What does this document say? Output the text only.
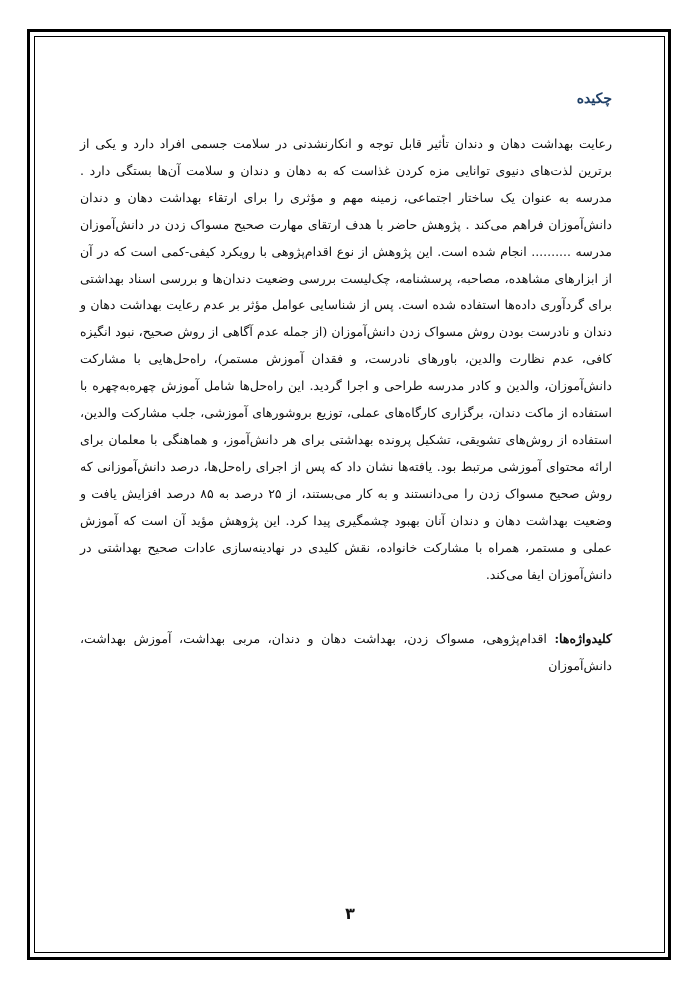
چکیده

رعایت بهداشت دهان و دندان تأثیر قابل توجه و انکارنشدنی در سلامت جسمی افراد دارد و یکی از برترین لذت‌های دنیوی توانایی مزه کردن غذاست که به دهان و دندان و سلامت آن‌ها بستگی دارد . مدرسه به عنوان یک ساختار اجتماعی، زمینه مهم و مؤثری را برای ارتقاء بهداشت دهان و دندان دانش‌آموزان فراهم می‌کند . پژوهش حاضر با هدف ارتقای مهارت صحیح مسواک زدن در دانش‌آموزان مدرسه .......... انجام شده است. این پژوهش از نوع اقدام‌پژوهی با رویکرد کیفی-کمی است که در آن از ابزارهای مشاهده، مصاحبه، پرسشنامه، چک‌لیست بررسی وضعیت دندان‌ها و بررسی اسناد بهداشتی برای گردآوری داده‌ها استفاده شده است. پس از شناسایی عوامل مؤثر بر عدم رعایت بهداشت دهان و دندان و نادرست بودن روش مسواک زدن دانش‌آموزان (از جمله عدم آگاهی از روش صحیح، نبود انگیزه کافی، عدم نظارت والدین، باورهای نادرست، و فقدان آموزش مستمر)، راه‌حل‌هایی با مشارکت دانش‌آموزان، والدین و کادر مدرسه طراحی و اجرا گردید. این راه‌حل‌ها شامل آموزش چهره‌به‌چهره با استفاده از ماکت دندان، برگزاری کارگاه‌های عملی، توزیع بروشورهای آموزشی، جلب مشارکت والدین، استفاده از روش‌های تشویقی، تشکیل پرونده بهداشتی برای هر دانش‌آموز، و هماهنگی با معلمان برای ارائه محتوای آموزشی مرتبط بود. یافته‌ها نشان داد که پس از اجرای راه‌حل‌ها، درصد دانش‌آموزانی که روش صحیح مسواک زدن را می‌دانستند و به کار می‌بستند، از ۲۵ درصد به ۸۵ درصد افزایش یافت و وضعیت بهداشت دهان و دندان آنان بهبود چشمگیری پیدا کرد. این پژوهش مؤید آن است که آموزش عملی و مستمر، همراه با مشارکت خانواده، نقش کلیدی در نهادینه‌سازی عادات صحیح بهداشتی در دانش‌آموزان ایفا می‌کند.

کلیدواژه‌ها: اقدام‌پژوهی، مسواک زدن، بهداشت دهان و دندان، مربی بهداشت، آموزش بهداشت، دانش‌آموزان
۳
